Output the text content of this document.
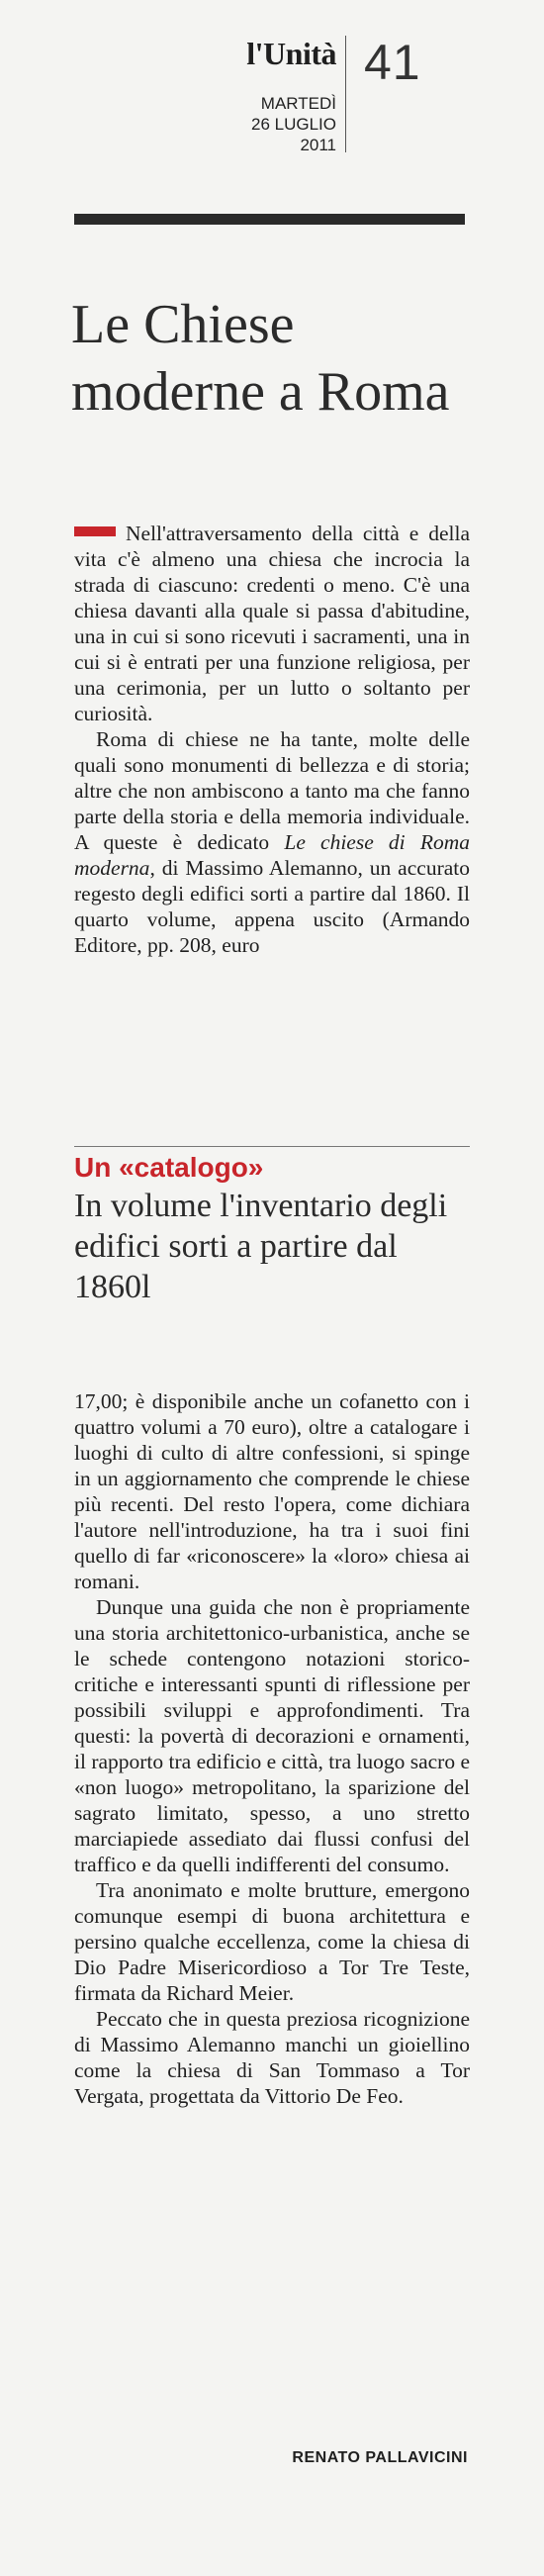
l'Unità 41
MARTEDÌ
26 LUGLIO
2011
Le Chiese moderne a Roma

Nell'attraversamento della città e della vita c'è almeno una chiesa che incrocia la strada di ciascuno: credenti o meno. C'è una chiesa davanti alla quale si passa d'abitudine, una in cui si sono ricevuti i sacramenti, una in cui si è entrati per una funzione religiosa, per una cerimonia, per un lutto o soltanto per curiosità.

Roma di chiese ne ha tante, molte delle quali sono monumenti di bellezza e di storia; altre che non ambiscono a tanto ma che fanno parte della storia e della memoria individuale. A queste è dedicato Le chiese di Roma moderna, di Massimo Alemanno, un accurato regesto degli edifici sorti a partire dal 1860. Il quarto volume, appena uscito (Armando Editore, pp. 208, euro

Un «catalogo»
In volume l'inventario degli edifici sorti a partire dal 1860l

17,00; è disponibile anche un cofanetto con i quattro volumi a 70 euro), oltre a catalogare i luoghi di culto di altre confessioni, si spinge in un aggiornamento che comprende le chiese più recenti. Del resto l'opera, come dichiara l'autore nell'introduzione, ha tra i suoi fini quello di far «riconoscere» la «loro» chiesa ai romani.

Dunque una guida che non è propriamente una storia architettonico-urbanistica, anche se le schede contengono notazioni storico-critiche e interessanti spunti di riflessione per possibili sviluppi e approfondimenti. Tra questi: la povertà di decorazioni e ornamenti, il rapporto tra edificio e città, tra luogo sacro e «non luogo» metropolitano, la sparizione del sagrato limitato, spesso, a uno stretto marciapiede assediato dai flussi confusi del traffico e da quelli indifferenti del consumo.

Tra anonimato e molte brutture, emergono comunque esempi di buona architettura e persino qualche eccellenza, come la chiesa di Dio Padre Misericordioso a Tor Tre Teste, firmata da Richard Meier.

Peccato che in questa preziosa ricognizione di Massimo Alemanno manchi un gioiellino come la chiesa di San Tommaso a Tor Vergata, progettata da Vittorio De Feo.

RENATO PALLAVICINI
